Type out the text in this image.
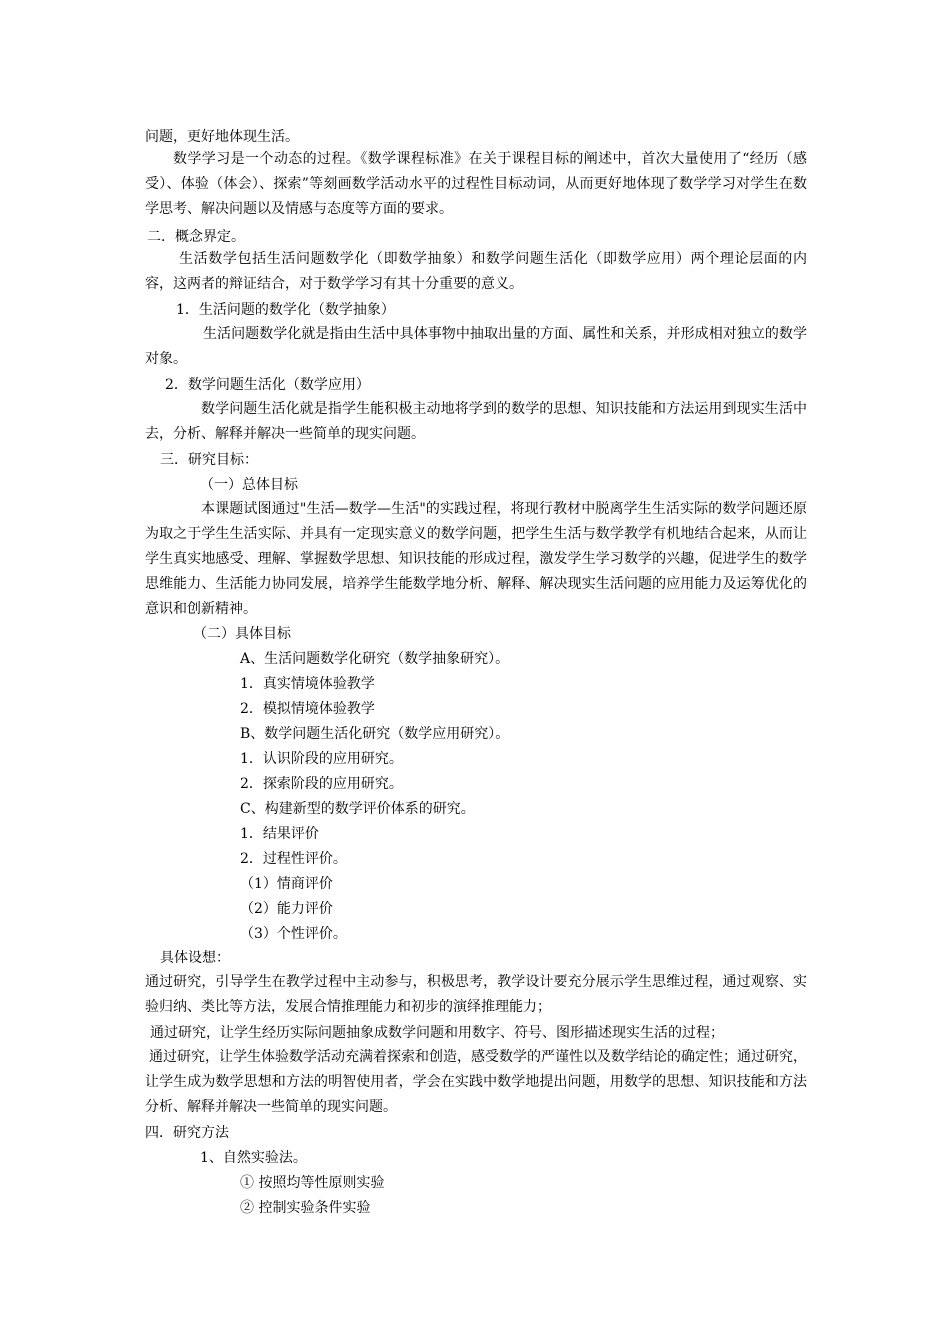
问题，更好地体现生活。
数学学习是一个动态的过程。《数学课程标准》在关于课程目标的阐述中，首次大量使用了“经历（感受）、体验（体会）、探索”等刻画数学活动水平的过程性目标动词，从而更好地体现了数学学习对学生在数学思考、解决问题以及情感与态度等方面的要求。
二．概念界定。
生活数学包括生活问题数学化（即数学抽象）和数学问题生活化（即数学应用）两个理论层面的内容，这两者的辩证结合，对于数学学习有其十分重要的意义。
1．生活问题的数学化（数学抽象）
生活问题数学化就是指由生活中具体事物中抽取出量的方面、属性和关系，并形成相对独立的数学对象。
2．数学问题生活化（数学应用）
数学问题生活化就是指学生能积极主动地将学到的数学的思想、知识技能和方法运用到现实生活中去，分析、解释并解决一些简单的现实问题。
三．研究目标：
（一）总体目标
本课题试图通过"生活—数学—生活"的实践过程，将现行教材中脱离学生生活实际的数学问题还原为取之于学生生活实际、并具有一定现实意义的数学问题，把学生生活与数学教学有机地结合起来，从而让学生真实地感受、理解、掌握数学思想、知识技能的形成过程，激发学生学习数学的兴趣，促进学生的数学思维能力、生活能力协同发展，培养学生能数学地分析、解释、解决现实生活问题的应用能力及运筹优化的意识和创新精神。
（二）具体目标
A、生活问题数学化研究（数学抽象研究）。
1．真实情境体验教学
2．模拟情境体验教学
B、数学问题生活化研究（数学应用研究）。
1．认识阶段的应用研究。
2．探索阶段的应用研究。
C、构建新型的数学评价体系的研究。
1．结果评价
2．过程性评价。
（1）情商评价
（2）能力评价
（3）个性评价。
具体设想：
通过研究，引导学生在教学过程中主动参与，积极思考，教学设计要充分展示学生思维过程，通过观察、实验归纳、类比等方法，发展合情推理能力和初步的演绎推理能力；
通过研究，让学生经历实际问题抽象成数学问题和用数字、符号、图形描述现实生活的过程；
通过研究，让学生体验数学活动充满着探索和创造，感受数学的严谨性以及数学结论的确定性；通过研究，让学生成为数学思想和方法的明智使用者，学会在实践中数学地提出问题，用数学的思想、知识技能和方法分析、解释并解决一些简单的现实问题。
四．研究方法
1、自然实验法。
① 按照均等性原则实验
② 控制实验条件实验
